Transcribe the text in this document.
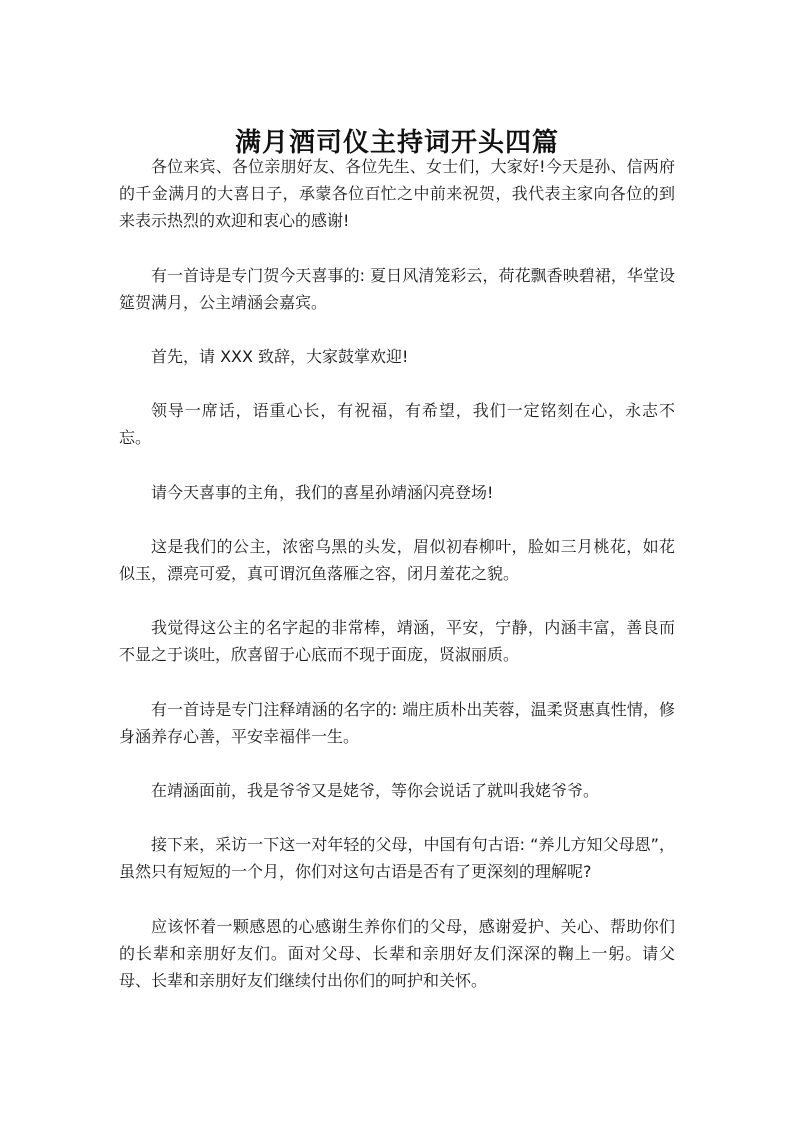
满月酒司仪主持词开头四篇

各位来宾、各位亲朋好友、各位先生、女士们，大家好!今天是孙、信两府的千金满月的大喜日子，承蒙各位百忙之中前来祝贺，我代表主家向各位的到来表示热烈的欢迎和衷心的感谢!

有一首诗是专门贺今天喜事的: 夏日风清笼彩云，荷花飘香映碧裙，华堂设筵贺满月，公主靖涵会嘉宾。

首先，请 XXX 致辞，大家鼓掌欢迎!

领导一席话，语重心长，有祝福，有希望，我们一定铭刻在心，永志不忘。

请今天喜事的主角，我们的喜星孙靖涵闪亮登场!

这是我们的公主，浓密乌黑的头发，眉似初春柳叶，脸如三月桃花，如花似玉，漂亮可爱，真可谓沉鱼落雁之容，闭月羞花之貌。

我觉得这公主的名字起的非常棒，靖涵，平安，宁静，内涵丰富，善良而不显之于谈吐，欣喜留于心底而不现于面庞，贤淑丽质。

有一首诗是专门注释靖涵的名字的: 端庄质朴出芙蓉，温柔贤惠真性情，修身涵养存心善，平安幸福伴一生。

在靖涵面前，我是爷爷又是姥爷，等你会说话了就叫我姥爷爷。

接下来，采访一下这一对年轻的父母，中国有句古语: “养儿方知父母恩”，虽然只有短短的一个月，你们对这句古语是否有了更深刻的理解呢?

应该怀着一颗感恩的心感谢生养你们的父母，感谢爱护、关心、帮助你们的长辈和亲朋好友们。面对父母、长辈和亲朋好友们深深的鞠上一躬。请父母、长辈和亲朋好友们继续付出你们的呵护和关怀。
